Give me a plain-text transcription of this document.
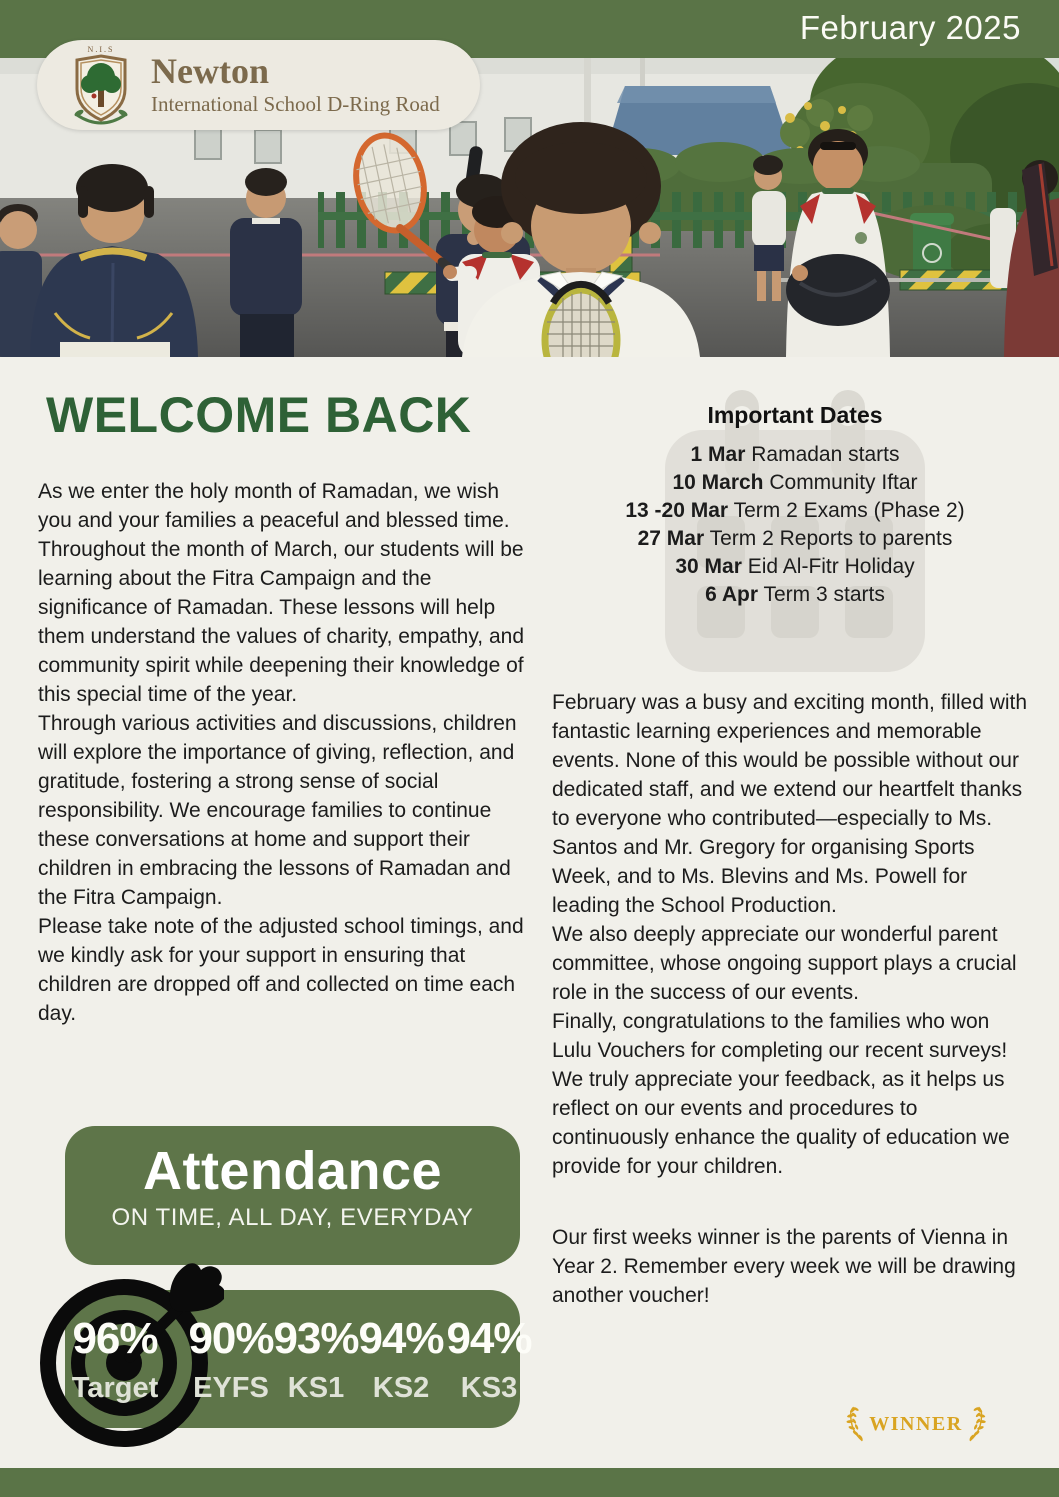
February 2025
N.I.S
Newton
International School D-Ring Road
WELCOME BACK

As we enter the holy month of Ramadan, we wish you and your families a peaceful and blessed time.

Throughout the month of March, our students will be learning about the Fitra Campaign and the significance of Ramadan. These lessons will help them understand the values of charity, empathy, and community spirit while deepening their knowledge of this special time of the year.

Through various activities and discussions, children will explore the importance of giving, reflection, and gratitude, fostering a strong sense of social responsibility. We encourage families to continue these conversations at home and support their children in embracing the lessons of Ramadan and the Fitra Campaign.

Please take note of the adjusted school timings, and we kindly ask for your support in ensuring that children are dropped off and collected on time each day.

Important Dates
1 Mar Ramadan starts
10 March Community Iftar
13 -20 Mar Term 2 Exams (Phase 2)
27 Mar Term 2 Reports to parents
30 Mar Eid Al-Fitr Holiday
6 Apr Term 3 starts

February was a busy and exciting month, filled with fantastic learning experiences and memorable events. None of this would be possible without our dedicated staff, and we extend our heartfelt thanks to everyone who contributed—especially to Ms. Santos and Mr. Gregory for organising Sports Week, and to Ms. Blevins and Ms. Powell for leading the School Production.

We also deeply appreciate our wonderful parent committee, whose ongoing support plays a crucial role in the success of our events.

Finally, congratulations to the families who won Lulu Vouchers for completing our recent surveys! We truly appreciate your feedback, as it helps us reflect on our events and procedures to continuously enhance the quality of education we provide for your children.

Our first weeks winner is the parents of Vienna in Year 2. Remember every week we will be drawing another voucher!

Attendance
ON TIME, ALL DAY, EVERYDAY
96%
Target
90%
EYFS
93%
KS1
94%
KS2
94%
KS3
WINNER
